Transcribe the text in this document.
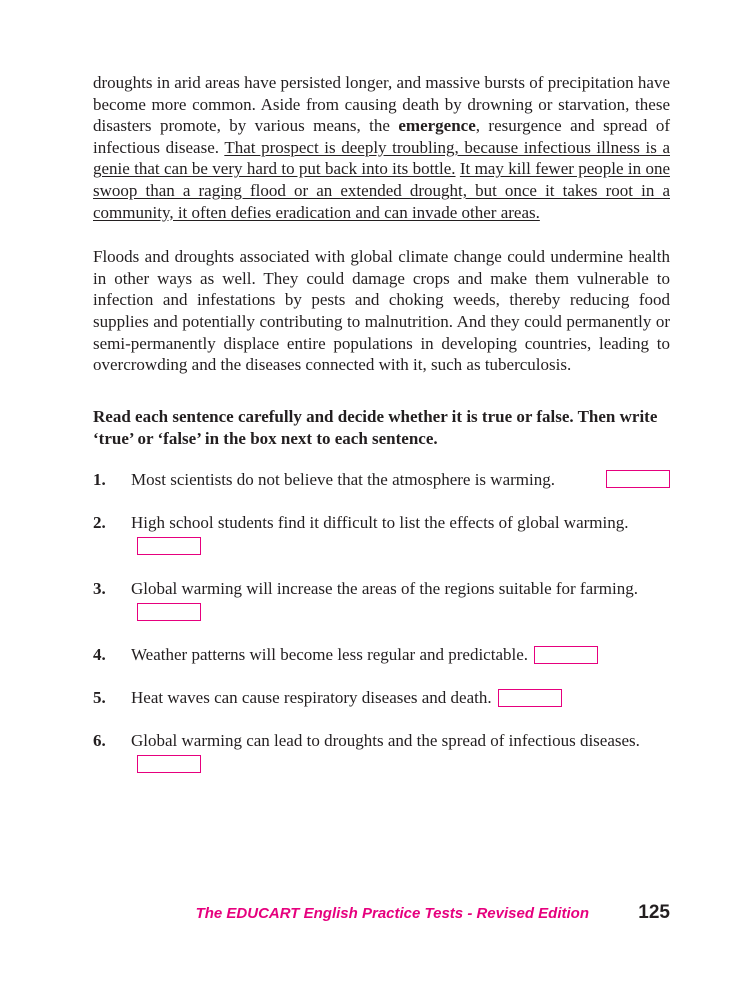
droughts in arid areas have persisted longer, and massive bursts of precipitation have become more common. Aside from causing death by drowning or starvation, these disasters promote, by various means, the emergence, resurgence and spread of infectious disease. That prospect is deeply troubling, because infectious illness is a genie that can be very hard to put back into its bottle. It may kill fewer people in one swoop than a raging flood or an extended drought, but once it takes root in a community, it often defies eradication and can invade other areas.

Floods and droughts associated with global climate change could undermine health in other ways as well. They could damage crops and make them vulnerable to infection and infestations by pests and choking weeds, thereby reducing food supplies and potentially contributing to malnutrition. And they could permanently or semi-permanently displace entire populations in developing countries, leading to overcrowding and the diseases connected with it, such as tuberculosis.

Read each sentence carefully and decide whether it is true or false. Then write ‘true’ or ‘false’ in the box next to each sentence.

1.	Most scientists do not believe that the atmosphere is warming.
2.	High school students find it difficult to list the effects of global warming.
3.	Global warming will increase the areas of the regions suitable for farming.
4.	Weather patterns will become less regular and predictable.
5.	Heat waves can cause respiratory diseases and death.
6.	Global warming can lead to droughts and the spread of infectious diseases.
The EDUCART English Practice Tests - Revised Edition	125
